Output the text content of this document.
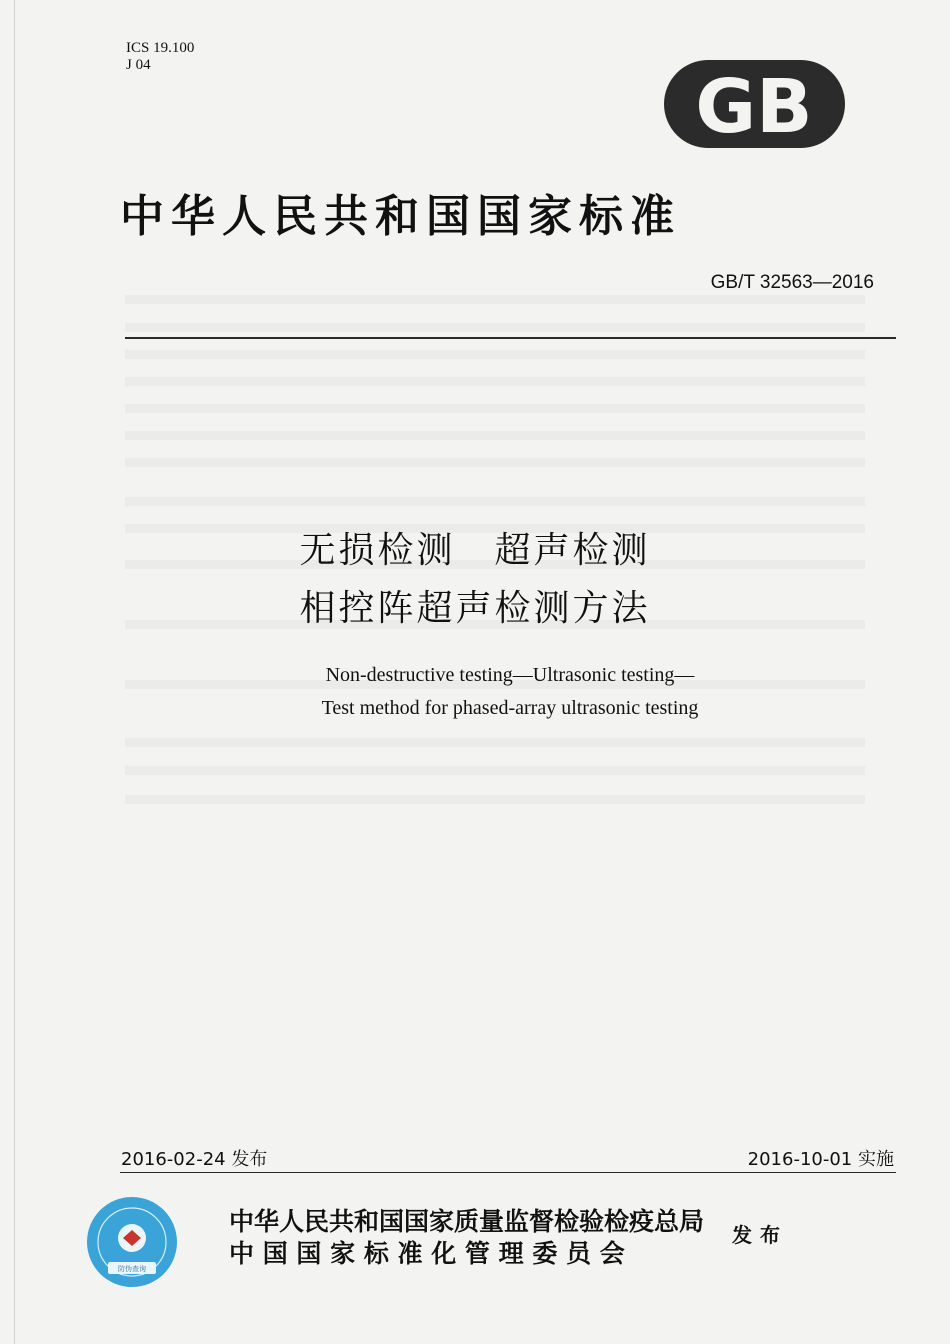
ICS 19.100
J 04	GB
中华人民共和国国家标准
GB/T 32563—2016
无损检测　超声检测
相控阵超声检测方法
Non-destructive testing—Ultrasonic testing—
Test method for phased-array ultrasonic testing
2016-02-24 发布	2016-10-01 实施
防伪查询
中华人民共和国国家质量监督检验检疫总局
中 国 国 家 标 准 化 管 理 委 员 会
发布
